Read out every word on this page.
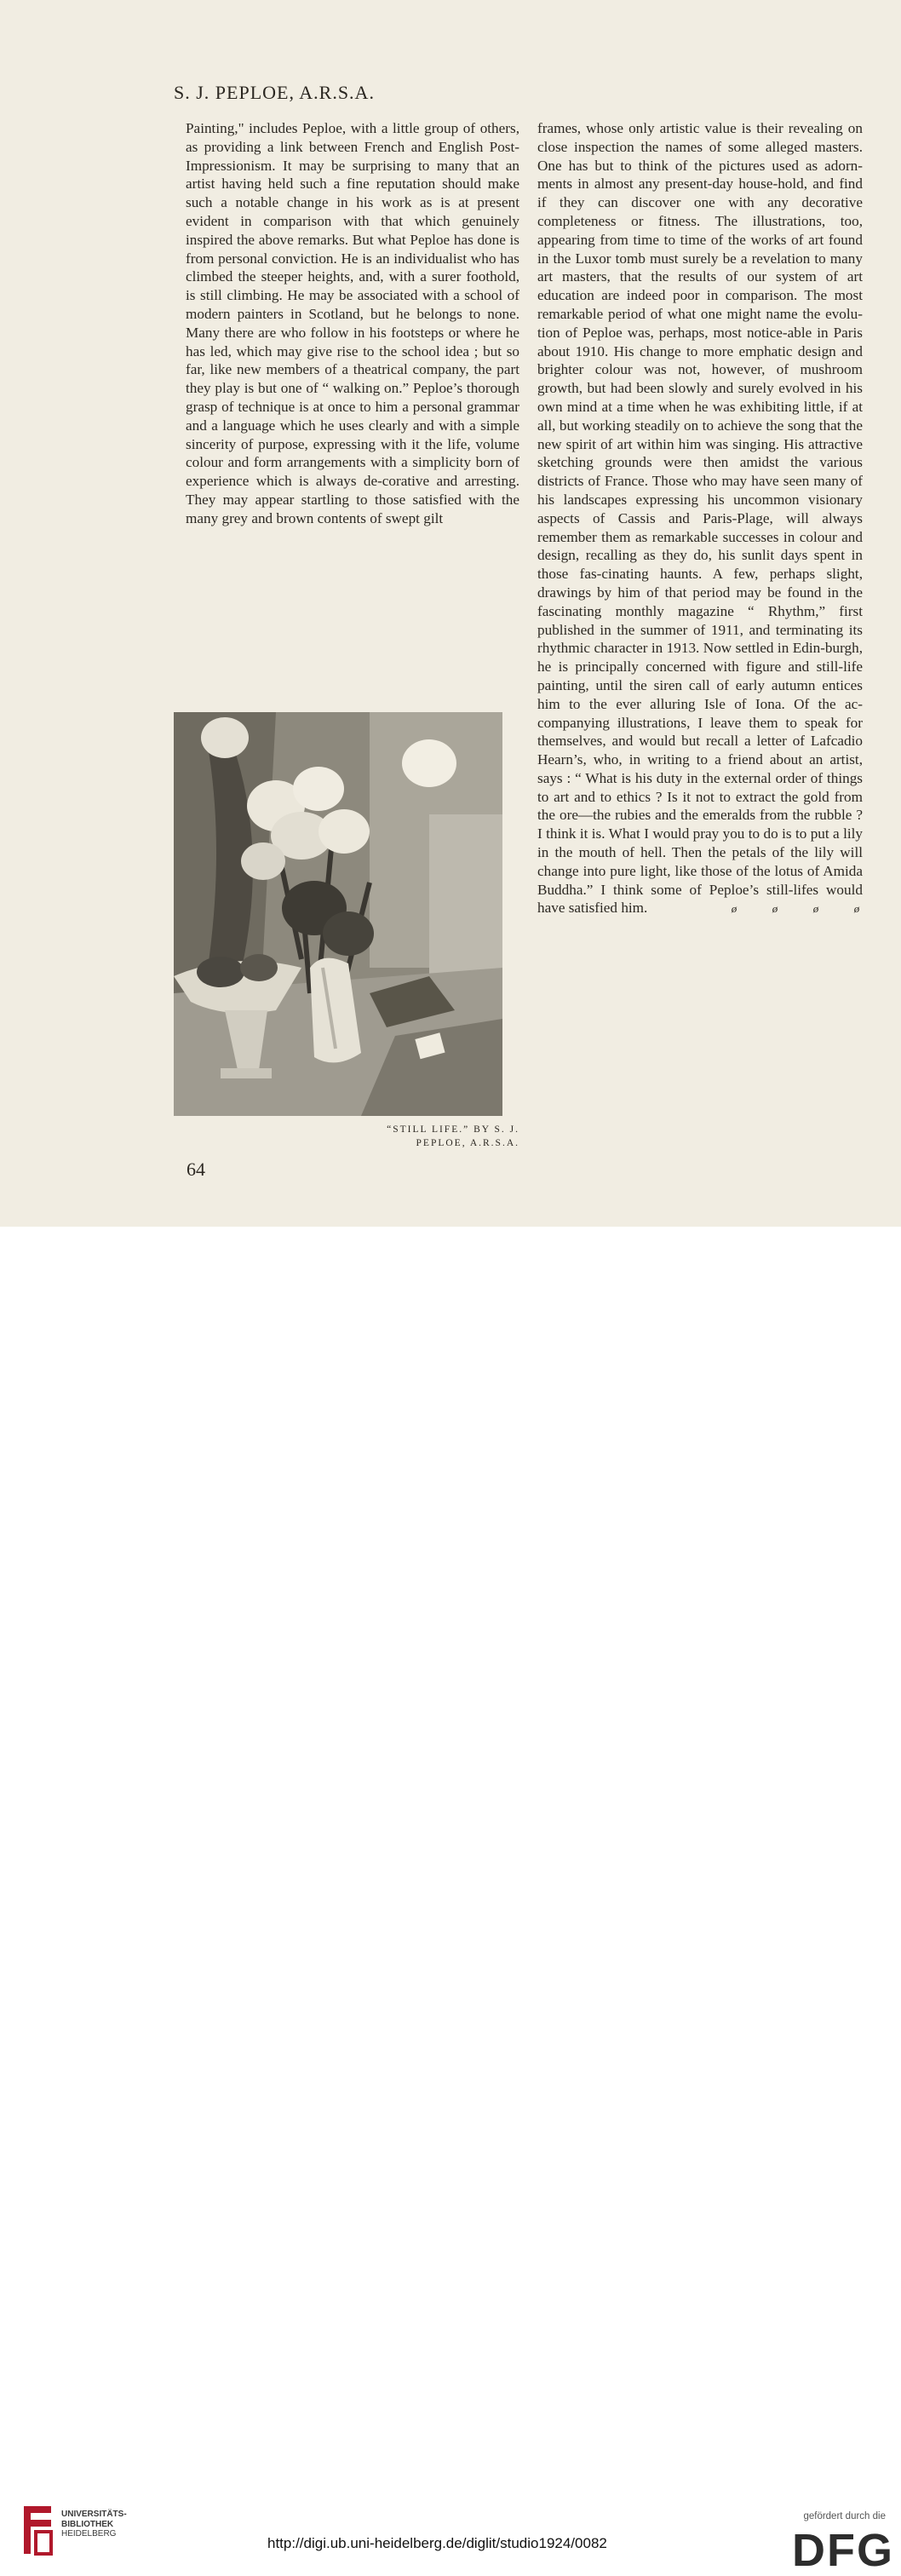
S. J. PEPLOE, A.R.S.A.

Painting," includes Peploe, with a little group of others, as providing a link between French and English Post-Impressionism. It may be surprising to many that an artist having held such a fine reputation should make such a notable change in his work as is at present evident in comparison with that which genuinely inspired the above remarks. But what Peploe has done is from personal conviction. He is an individualist who has climbed the steeper heights, and, with a surer foothold, is still climbing. He may be associated with a school of modern painters in Scotland, but he belongs to none. Many there are who follow in his footsteps or where he has led, which may give rise to the school idea ; but so far, like new members of a theatrical company, the part they play is but one of “ walking on.” Peploe’s thorough grasp of technique is at once to him a personal grammar and a language which he uses clearly and with a simple sincerity of purpose, expressing with it the life, volume colour and form arrangements with a simplicity born of experience which is always de-corative and arresting. They may appear startling to those satisfied with the many grey and brown contents of swept gilt

frames, whose only artistic value is their revealing on close inspection the names of some alleged masters. One has but to think of the pictures used as adorn-ments in almost any present-day house-hold, and find if they can discover one with any decorative completeness or fitness. The illustrations, too, appearing from time to time of the works of art found in the Luxor tomb must surely be a revelation to many art masters, that the results of our system of art education are indeed poor in comparison. The most remarkable period of what one might name the evolu-tion of Peploe was, perhaps, most notice-able in Paris about 1910. His change to more emphatic design and brighter colour was not, however, of mushroom growth, but had been slowly and surely evolved in his own mind at a time when he was exhibiting little, if at all, but working steadily on to achieve the song that the new spirit of art within him was singing. His attractive sketching grounds were then amidst the various districts of France. Those who may have seen many of his landscapes expressing his uncommon visionary aspects of Cassis and Paris-Plage, will always remember them as remarkable successes in colour and design, recalling as they do, his sunlit days spent in those fas-cinating haunts. A few, perhaps slight, drawings by him of that period may be found in the fascinating monthly magazine “ Rhythm,” first published in the summer of 1911, and terminating its rhythmic character in 1913. Now settled in Edin-burgh, he is principally concerned with figure and still-life painting, until the siren call of early autumn entices him to the ever alluring Isle of Iona. Of the ac-companying illustrations, I leave them to speak for themselves, and would but recall a letter of Lafcadio Hearn’s, who, in writing to a friend about an artist, says : “ What is his duty in the external order of things to art and to ethics ? Is it not to extract the gold from the ore—the rubies and the emeralds from the rubble ? I think it is. What I would pray you to do is to put a lily in the mouth of hell. Then the petals of the lily will change into pure light, like those of the lotus of Amida Buddha.” I think some of Peploe’s still-lifes would have satisfied him.	ø	ø	ø	ø
“STILL LIFE.” BY S. J.
PEPLOE, A.R.S.A.
64
UNIVERSITÄTS-
BIBLIOTHEK
HEIDELBERG
http://digi.ub.uni-heidelberg.de/diglit/studio1924/0082
gefördert durch die
DFG
